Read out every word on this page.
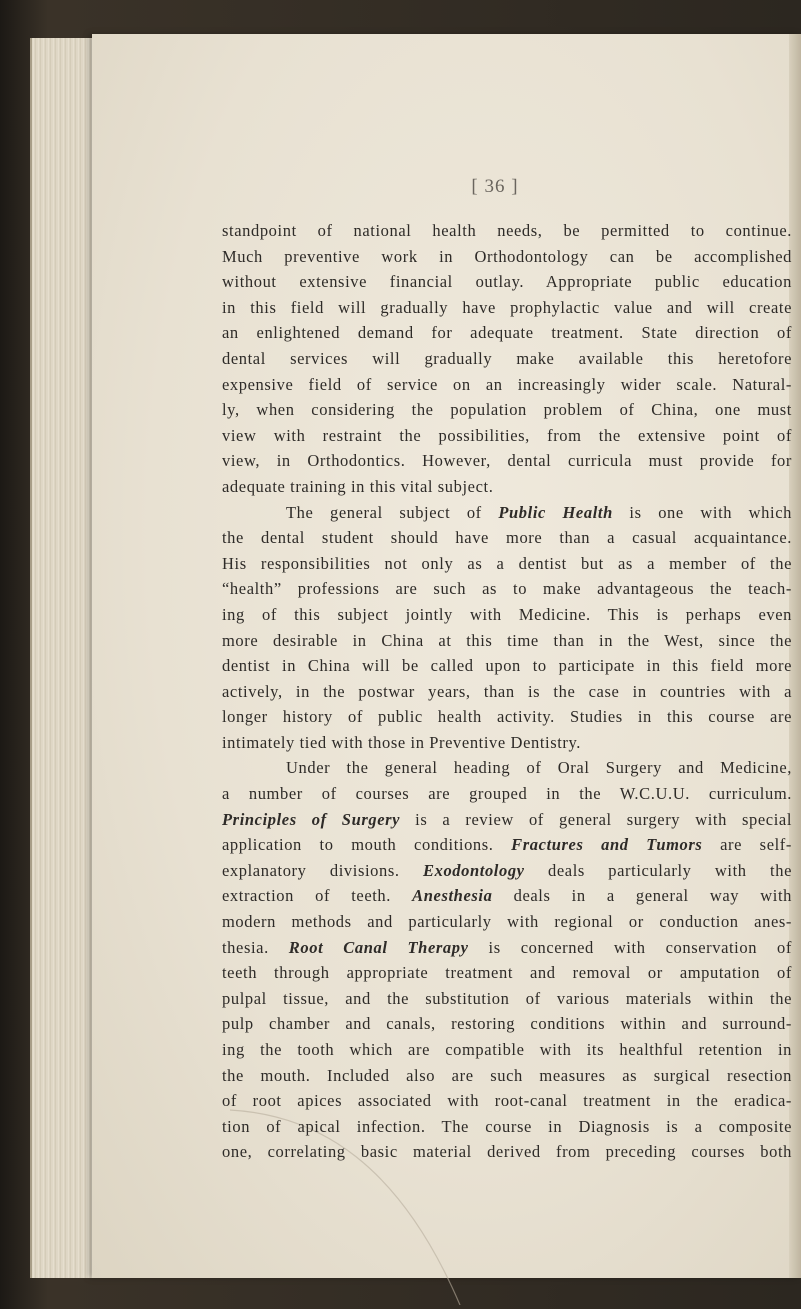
[ 36 ]
standpoint of national health needs, be permitted to continue.
Much preventive work in Orthodontology can be accomplished
without extensive financial outlay. Appropriate public education
in this field will gradually have prophylactic value and will create
an enlightened demand for adequate treatment. State direction of
dental services will gradually make available this heretofore
expensive field of service on an increasingly wider scale. Natural-
ly, when considering the population problem of China, one must
view with restraint the possibilities, from the extensive point of
view, in Orthodontics. However, dental curricula must provide for
adequate training in this vital subject.
The general subject of Public Health is one with which
the dental student should have more than a casual acquaintance.
His responsibilities not only as a dentist but as a member of the
“health” professions are such as to make advantageous the teach-
ing of this subject jointly with Medicine. This is perhaps even
more desirable in China at this time than in the West, since the
dentist in China will be called upon to participate in this field more
actively, in the postwar years, than is the case in countries with a
longer history of public health activity. Studies in this course are
intimately tied with those in Preventive Dentistry.
Under the general heading of Oral Surgery and Medicine,
a number of courses are grouped in the W.C.U.U. curriculum.
Principles of Surgery is a review of general surgery with special
application to mouth conditions. Fractures and Tumors are self-
explanatory divisions. Exodontology deals particularly with the
extraction of teeth. Anesthesia deals in a general way with
modern methods and particularly with regional or conduction anes-
thesia. Root Canal Therapy is concerned with conservation of
teeth through appropriate treatment and removal or amputation of
pulpal tissue, and the substitution of various materials within the
pulp chamber and canals, restoring conditions within and surround-
ing the tooth which are compatible with its healthful retention in
the mouth. Included also are such measures as surgical resection
of root apices associated with root-canal treatment in the eradica-
tion of apical infection. The course in Diagnosis is a composite
one, correlating basic material derived from preceding courses both
